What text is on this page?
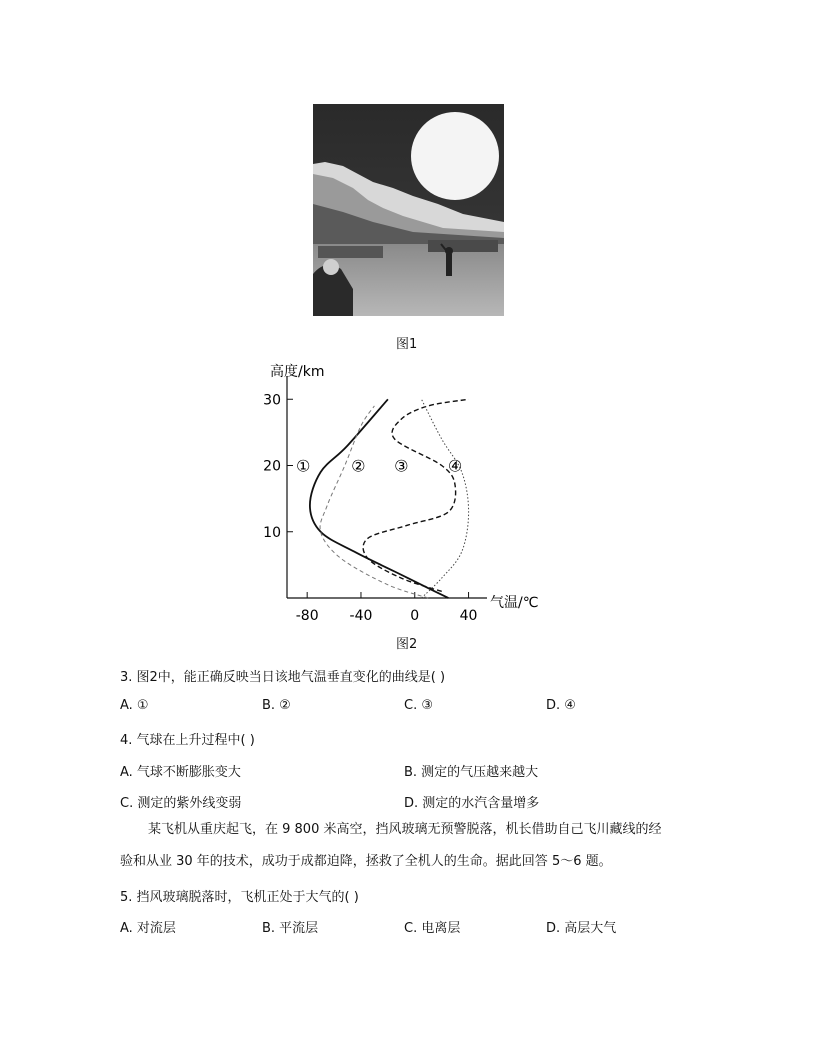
图1
10
20
30
-80 -40	0	40
①	② ③ ④
高度/km
气温/℃
图2
3. 图2中，能正确反映当日该地气温垂直变化的曲线是( )
A. ①	B. ②	C. ③	D. ④
4. 气球在上升过程中( )
A. 气球不断膨胀变大	B. 测定的气压越来越大
C. 测定的紫外线变弱	D. 测定的水汽含量增多
某飞机从重庆起飞，在 9 800 米高空，挡风玻璃无预警脱落，机长借助自己飞川藏线的经
验和从业 30 年的技术，成功于成都迫降，拯救了全机人的生命。据此回答 5～6 题。
5. 挡风玻璃脱落时，飞机正处于大气的( )
A. 对流层	B. 平流层	C. 电离层	D. 高层大气
